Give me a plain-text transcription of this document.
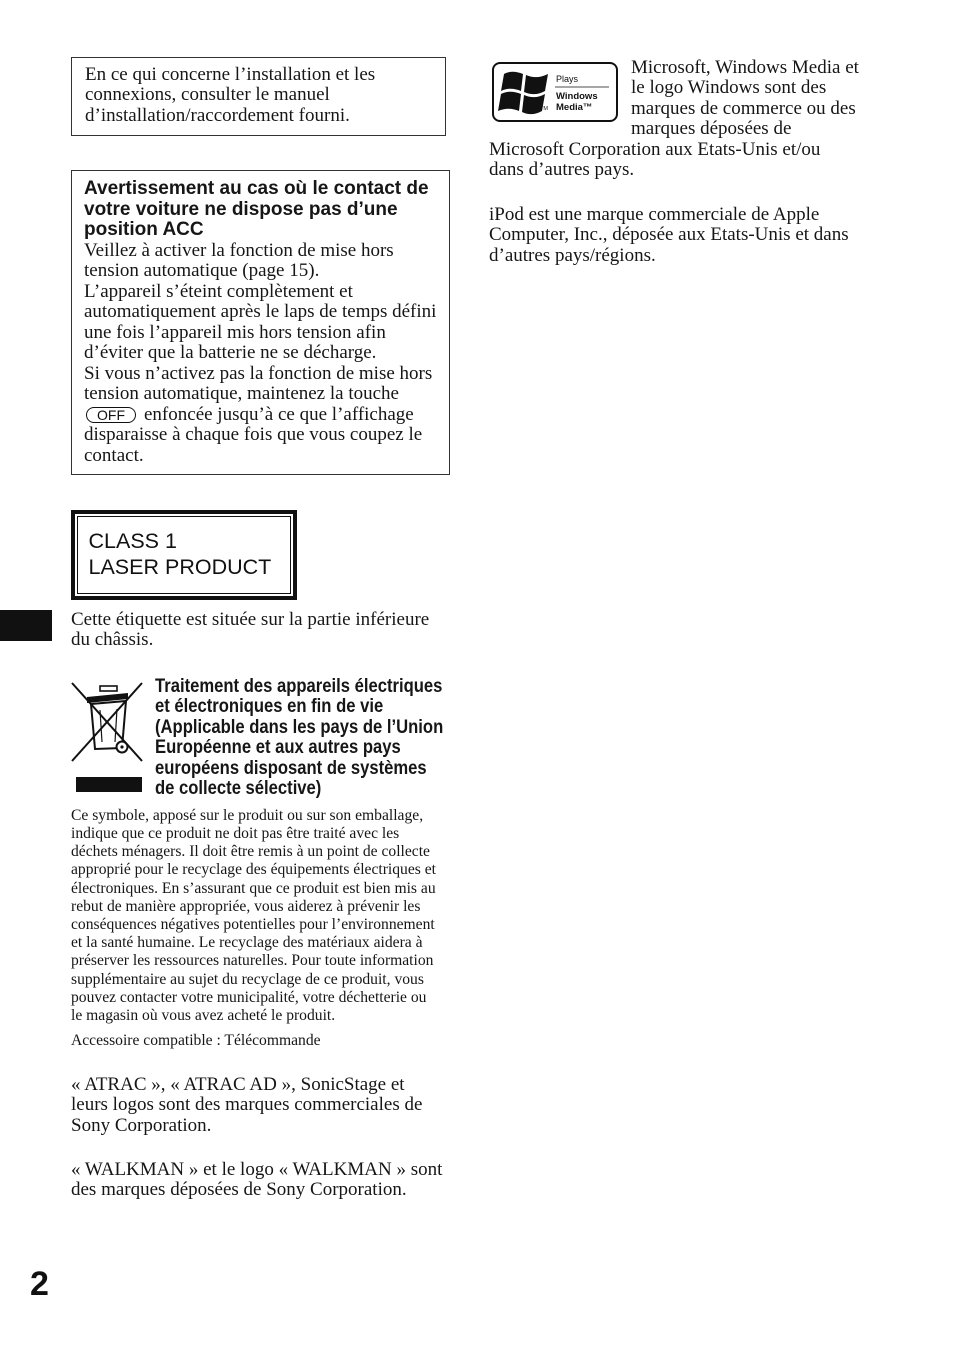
En ce qui concerne l’installation et les
connexions, consulter le manuel
d’installation/raccordement fourni.
Avertissement au cas où le contact de
votre voiture ne dispose pas d’une
position ACC
Veillez à activer la fonction de mise hors
tension automatique (page 15).
L’appareil s’éteint complètement et
automatiquement après le laps de temps défini
une fois l’appareil mis hors tension afin
d’éviter que la batterie ne se décharge.
Si vous n’activez pas la fonction de mise hors
tension automatique, maintenez la touche
OFF enfoncée jusqu’à ce que l’affichage
disparaisse à chaque fois que vous coupez le
contact.
CLASS 1
LASER PRODUCT
Cette étiquette est située sur la partie inférieure
du châssis.
Traitement des appareils électriques
et électroniques en fin de vie
(Applicable dans les pays de l’Union
Européenne et aux autres pays
européens disposant de systèmes
de collecte sélective)
Ce symbole, apposé sur le produit ou sur son emballage,
indique que ce produit ne doit pas être traité avec les
déchets ménagers. Il doit être remis à un point de collecte
approprié pour le recyclage des équipements électriques et
électroniques. En s’assurant que ce produit est bien mis au
rebut de manière appropriée, vous aiderez à prévenir les
conséquences négatives potentielles pour l’environnement
et la santé humaine. Le recyclage des matériaux aidera à
préserver les ressources naturelles. Pour toute information
supplémentaire au sujet du recyclage de ce produit, vous
pouvez contacter votre municipalité, votre déchetterie ou
le magasin où vous avez acheté le produit.
Accessoire compatible : Télécommande
« ATRAC », « ATRAC AD », SonicStage et
leurs logos sont des marques commerciales de
Sony Corporation.
« WALKMAN » et le logo « WALKMAN » sont
des marques déposées de Sony Corporation.
2
TM
Plays
Windows
Media™
Microsoft, Windows Media et
le logo Windows sont des
marques de commerce ou des
marques déposées de
Microsoft Corporation aux Etats-Unis et/ou
dans d’autres pays.
iPod est une marque commerciale de Apple
Computer, Inc., déposée aux Etats-Unis et dans
d’autres pays/régions.
